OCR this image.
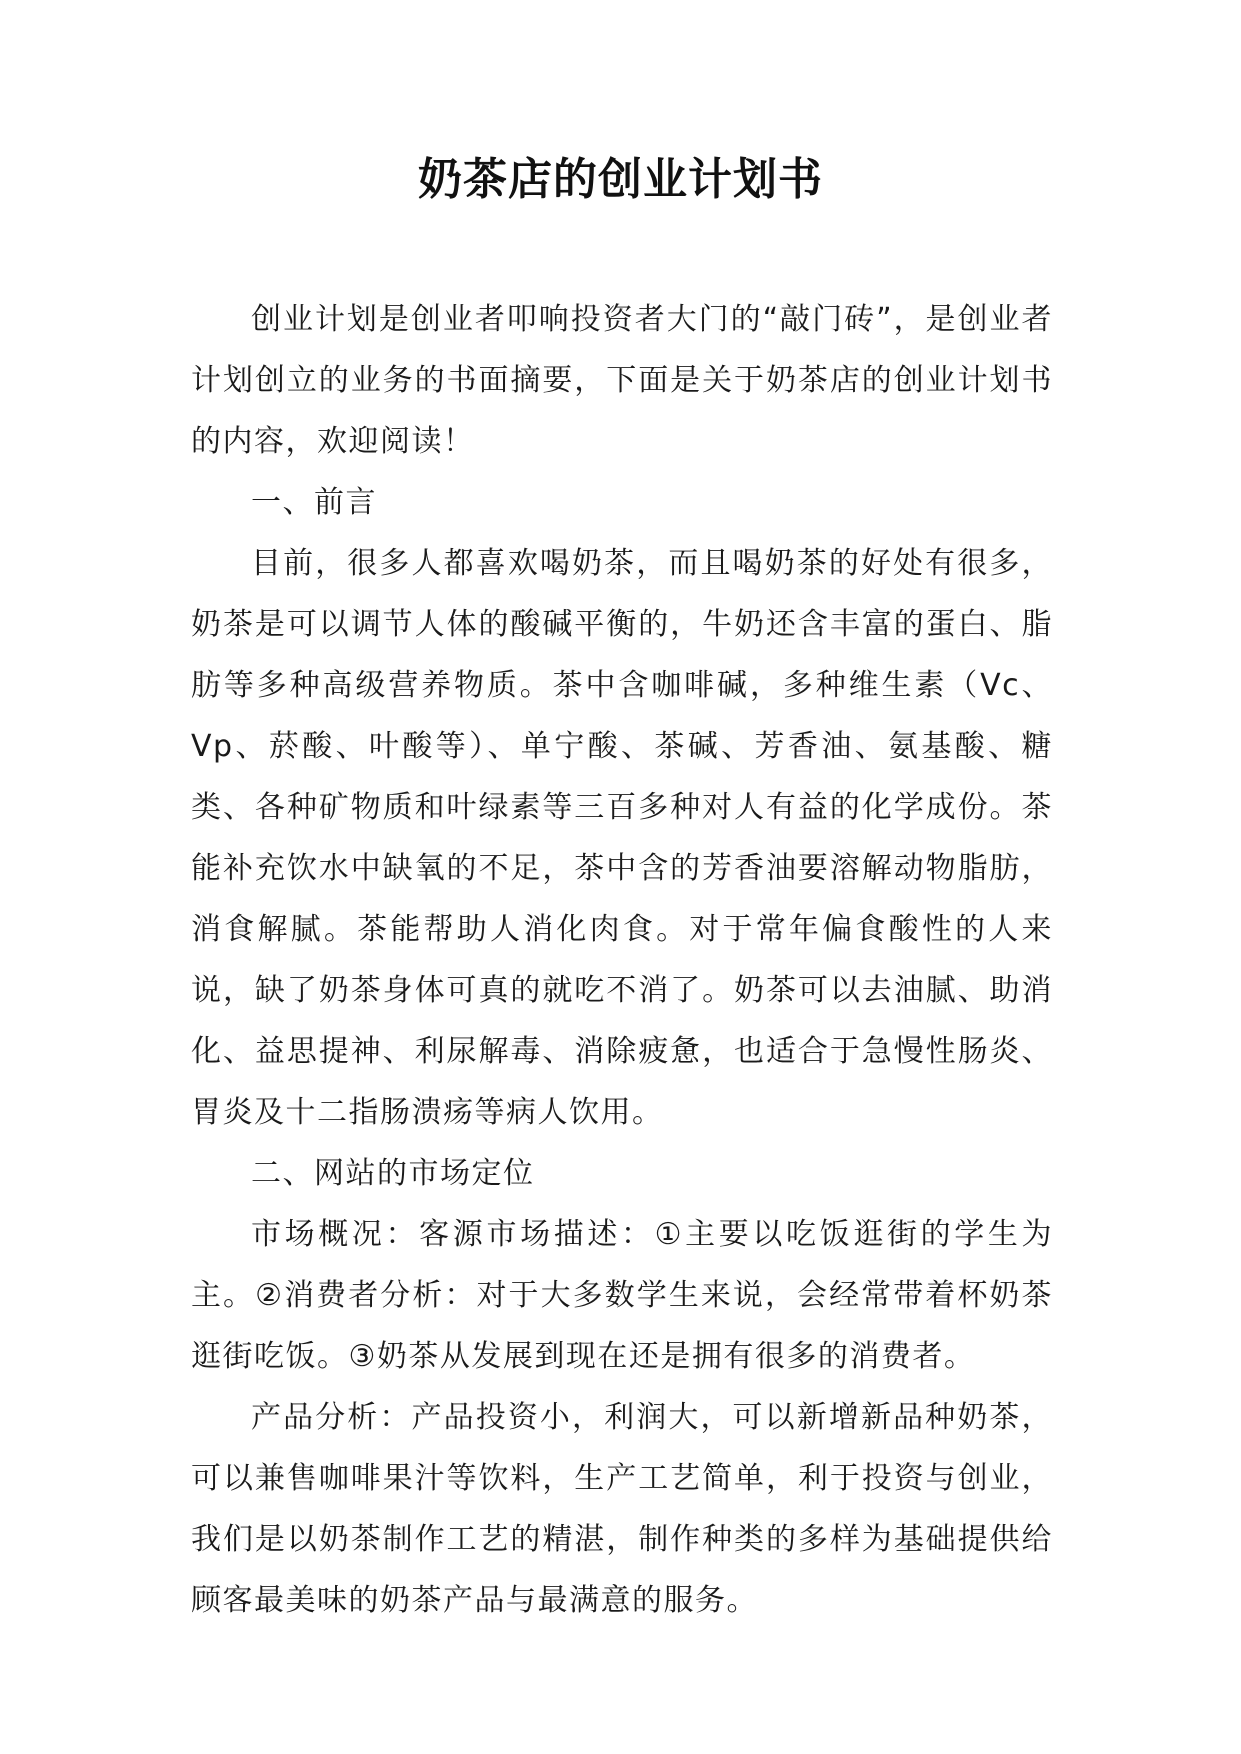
奶茶店的创业计划书

创业计划是创业者叩响投资者大门的“敲门砖”，是创业者计划创立的业务的书面摘要，下面是关于奶茶店的创业计划书的内容，欢迎阅读！

一、前言

目前，很多人都喜欢喝奶茶，而且喝奶茶的好处有很多，奶茶是可以调节人体的酸碱平衡的，牛奶还含丰富的蛋白、脂肪等多种高级营养物质。茶中含咖啡碱，多种维生素（Vc、Vp、菸酸、叶酸等）、单宁酸、茶碱、芳香油、氨基酸、糖类、各种矿物质和叶绿素等三百多种对人有益的化学成份。茶能补充饮水中缺氧的不足，茶中含的芳香油要溶解动物脂肪，消食解腻。茶能帮助人消化肉食。对于常年偏食酸性的人来说，缺了奶茶身体可真的就吃不消了。奶茶可以去油腻、助消化、益思提神、利尿解毒、消除疲惫，也适合于急慢性肠炎、胃炎及十二指肠溃疡等病人饮用。

二、网站的市场定位

市场概况：客源市场描述：①主要以吃饭逛街的学生为主。②消费者分析：对于大多数学生来说，会经常带着杯奶茶逛街吃饭。③奶茶从发展到现在还是拥有很多的消费者。

产品分析：产品投资小，利润大，可以新增新品种奶茶，可以兼售咖啡果汁等饮料，生产工艺简单，利于投资与创业，我们是以奶茶制作工艺的精湛，制作种类的多样为基础提供给顾客最美味的奶茶产品与最满意的服务。
